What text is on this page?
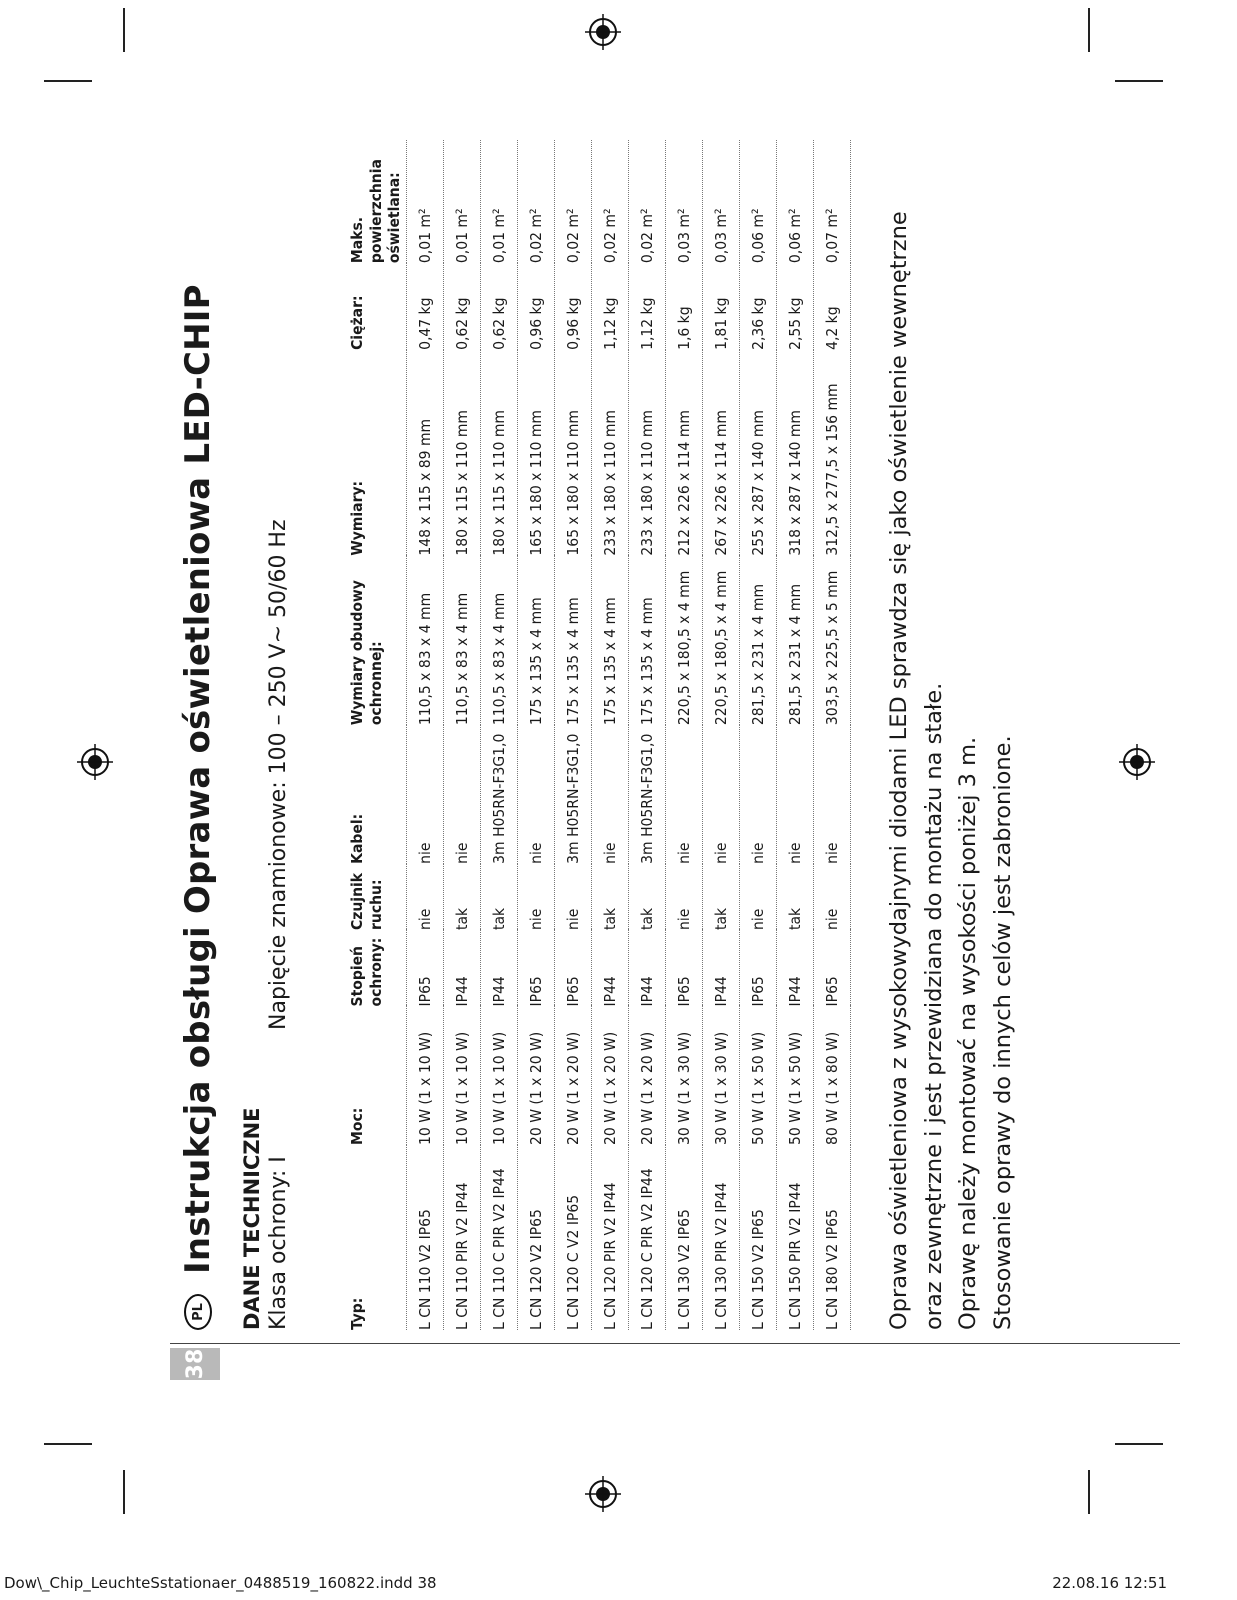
38
PL
Instrukcja obsługi Oprawa oświetleniowa LED-CHIP DANE TECHNICZNE Klasa ochrony: I
Napięcie znamionowe: 100 – 250 V~ 50/60 Hz
Typ:	Moc:	Stopień ochrony:	Czujnik ruchu:	Kabel:	Wymiary obudowy ochronnej:	Wymiary:	Ciężar:	Maks. powierzchnia oświetlana:
L CN 110 V2 IP65	10 W (1 x 10 W)	IP65	nie	nie	110,5 x 83 x 4 mm	148 x 115 x 89 mm	0,47 kg	0,01 m²
L CN 110 PIR V2 IP44	10 W (1 x 10 W)	IP44	tak	nie	110,5 x 83 x 4 mm	180 x 115 x 110 mm	0,62 kg	0,01 m²
L CN 110 C PIR V2 IP44	10 W (1 x 10 W)	IP44	tak	3m H05RN-F3G1,0	110,5 x 83 x 4 mm	180 x 115 x 110 mm	0,62 kg	0,01 m²
L CN 120 V2 IP65	20 W (1 x 20 W)	IP65	nie	nie	175 x 135 x 4 mm	165 x 180 x 110 mm	0,96 kg	0,02 m²
L CN 120 C V2 IP65	20 W (1 x 20 W)	IP65	nie	3m H05RN-F3G1,0	175 x 135 x 4 mm	165 x 180 x 110 mm	0,96 kg	0,02 m²
L CN 120 PIR V2 IP44	20 W (1 x 20 W)	IP44	tak	nie	175 x 135 x 4 mm	233 x 180 x 110 mm	1,12 kg	0,02 m²
L CN 120 C PIR V2 IP44	20 W (1 x 20 W)	IP44	tak	3m H05RN-F3G1,0	175 x 135 x 4 mm	233 x 180 x 110 mm	1,12 kg	0,02 m²
L CN 130 V2 IP65	30 W (1 x 30 W)	IP65	nie	nie	220,5 x 180,5 x 4 mm	212 x 226 x 114 mm	1,6 kg	0,03 m²
L CN 130 PIR V2 IP44	30 W (1 x 30 W)	IP44	tak	nie	220,5 x 180,5 x 4 mm	267 x 226 x 114 mm	1,81 kg	0,03 m²
L CN 150 V2 IP65	50 W (1 x 50 W)	IP65	nie	nie	281,5 x 231 x 4 mm	255 x 287 x 140 mm	2,36 kg	0,06 m²
L CN 150 PIR V2 IP44	50 W (1 x 50 W)	IP44	tak	nie	281,5 x 231 x 4 mm	318 x 287 x 140 mm	2,55 kg	0,06 m²
L CN 180 V2 IP65	80 W (1 x 80 W)	IP65	nie	nie	303,5 x 225,5 x 5 mm	312,5 x 277,5 x 156 mm	4,2 kg	0,07 m² Oprawa oświetleniowa z wysokowydajnymi diodami LED sprawdza się jako oświetlenie wewnętrzne oraz zewnętrzne i jest przewidziana do montażu na stałe. Oprawę należy montować na wysokości poniżej 3 m. Stosowanie oprawy do innych celów jest zabronione.
Dow\_Chip_LeuchteSstationaer_0488519_160822.indd 38	22.08.16 12:51
